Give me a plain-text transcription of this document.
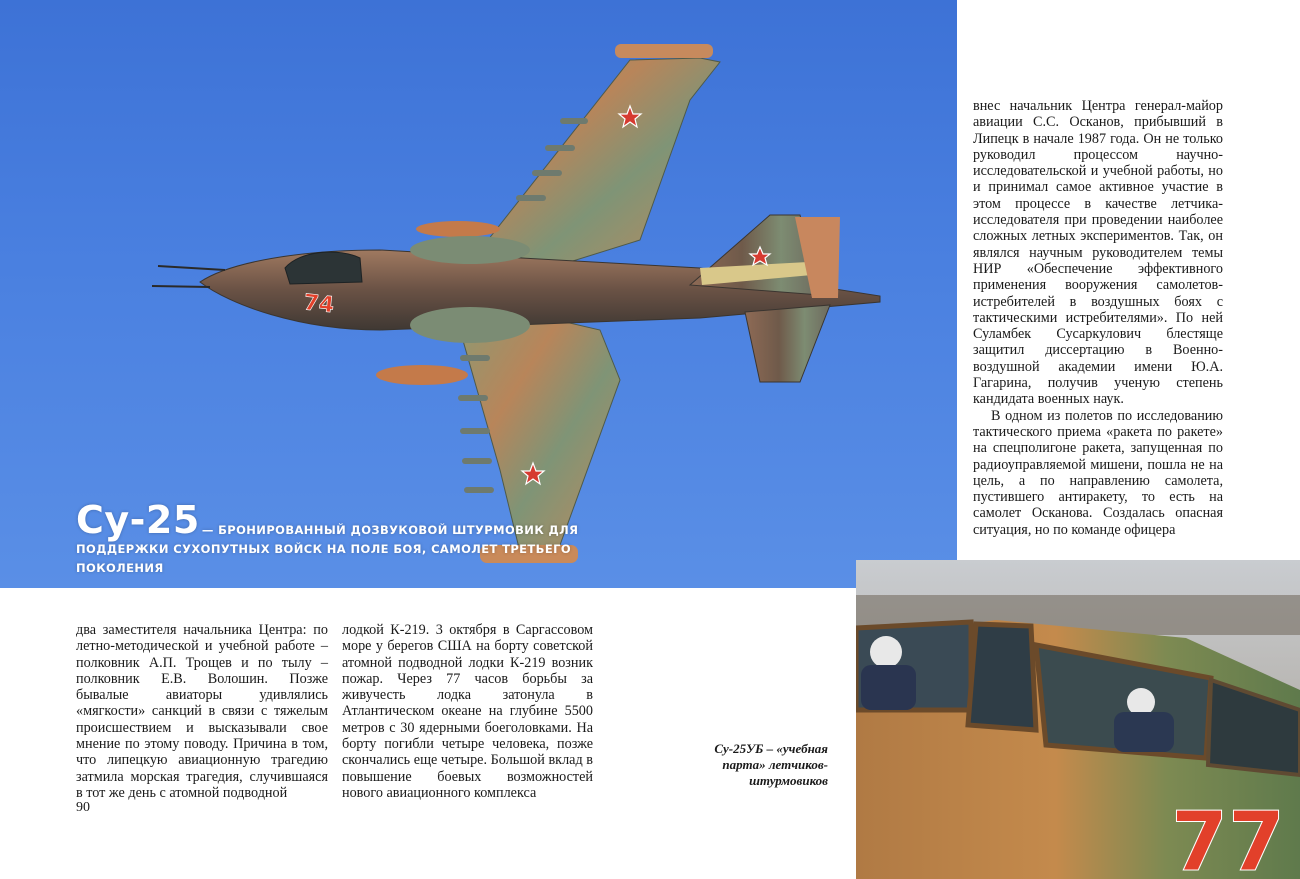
74
Су-25 — БРОНИРОВАННЫЙ ДОЗВУКОВОЙ ШТУРМОВИК ДЛЯ ПОДДЕРЖКИ СУХОПУТНЫХ ВОЙСК НА ПОЛЕ БОЯ, САМОЛЕТ ТРЕТЬЕГО ПОКОЛЕНИЯ

внес начальник Центра генерал-майор авиации С.С. Осканов, прибывший в Липецк в начале 1987 года. Он не только руководил процессом научно-исследовательской и учебной работы, но и принимал самое активное участие в этом процессе в качестве летчика-исследователя при проведении наиболее сложных летных экспериментов. Так, он являлся научным руководителем темы НИР «Обеспечение эффективного применения вооружения самолетов-истребителей в воздушных боях с тактическими истребителями». По ней Суламбек Сусаркулович блестяще защитил диссертацию в Военно-воздушной академии имени Ю.А. Гагарина, получив ученую степень кандидата военных наук.

В одном из полетов по исследованию тактического приема «ракета по ракете» на спецполигоне ракета, запущенная по радиоуправляемой мишени, пошла не на цель, а по направлению самолета, пустившего антиракету, то есть на самолет Осканова. Создалась опасная ситуация, но по команде офицера

два заместителя начальника Центра: по летно-методической и учебной работе – полковник А.П. Трощев и по тылу – полковник Е.В. Волошин. Позже бывалые авиаторы удивлялись «мягкости» санкций в связи с тяжелым происшествием и высказывали свое мнение по этому поводу. Причина в том, что липецкую авиационную трагедию затмила морская трагедия, случившаяся в тот же день с атомной подводной

лодкой К-219. 3 октября в Саргассовом море у берегов США на борту советской атомной подводной лодки К-219 возник пожар. Через 77 часов борьбы за живучесть лодка затонула в Атлантическом океане на глубине 5500 метров с 30 ядерными боеголовками. На борту погибли четыре человека, позже скончались еще четыре. Большой вклад в повышение боевых возможностей нового авиационного комплекса

90
Су-25УБ – «учебная парта» летчиков-штурмовиков
77
